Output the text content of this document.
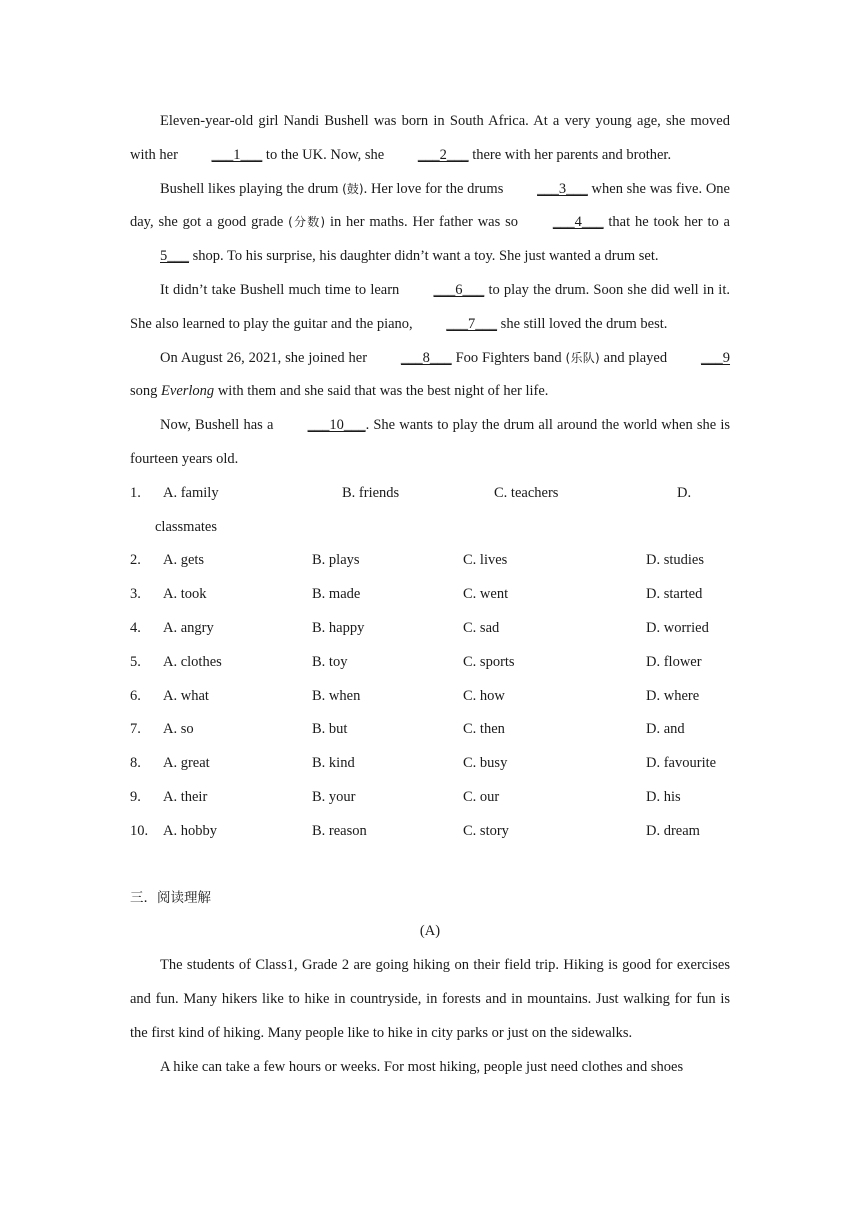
Eleven-year-old girl Nandi Bushell was born in South Africa. At a very young age, she moved with her ___1___ to the UK. Now, she ___2___ there with her parents and brother.

Bushell likes playing the drum (鼓). Her love for the drums ___3___ when she was five. One day, she got a good grade (分数) in her maths. Her father was so ___4___ that he took her to a 5___ shop. To his surprise, his daughter didn’t want a toy. She just wanted a drum set.

It didn’t take Bushell much time to learn ___6___ to play the drum. Soon she did well in it. She also learned to play the guitar and the piano, ___7___ she still loved the drum best.

On August 26, 2021, she joined her ___8___ Foo Fighters band (乐队) and played ___9 song Everlong with them and she said that was the best night of her life.

Now, Bushell has a ___10___. She wants to play the drum all around the world when she is fourteen years old.

1. A. family	B. friends	C. teachers	D.
classmates
2. A. gets	B. plays	C. lives	D. studies
3. A. took	B. made	C. went	D. started
4. A. angry	B. happy	C. sad	D. worried
5. A. clothes	B. toy	C. sports	D. flower
6. A. what	B. when	C. how	D. where
7. A. so	B. but	C. then	D. and
8. A. great	B. kind	C. busy	D. favourite
9. A. their	B. your	C. our	D. his
10. A. hobby	B. reason	C. story	D. dream
三．阅读理解
(A)

The students of Class1, Grade 2 are going hiking on their field trip. Hiking is good for exercises and fun. Many hikers like to hike in countryside, in forests and in mountains. Just walking for fun is the first kind of hiking. Many people like to hike in city parks or just on the sidewalks.

A hike can take a few hours or weeks. For most hiking, people just need clothes and shoes
